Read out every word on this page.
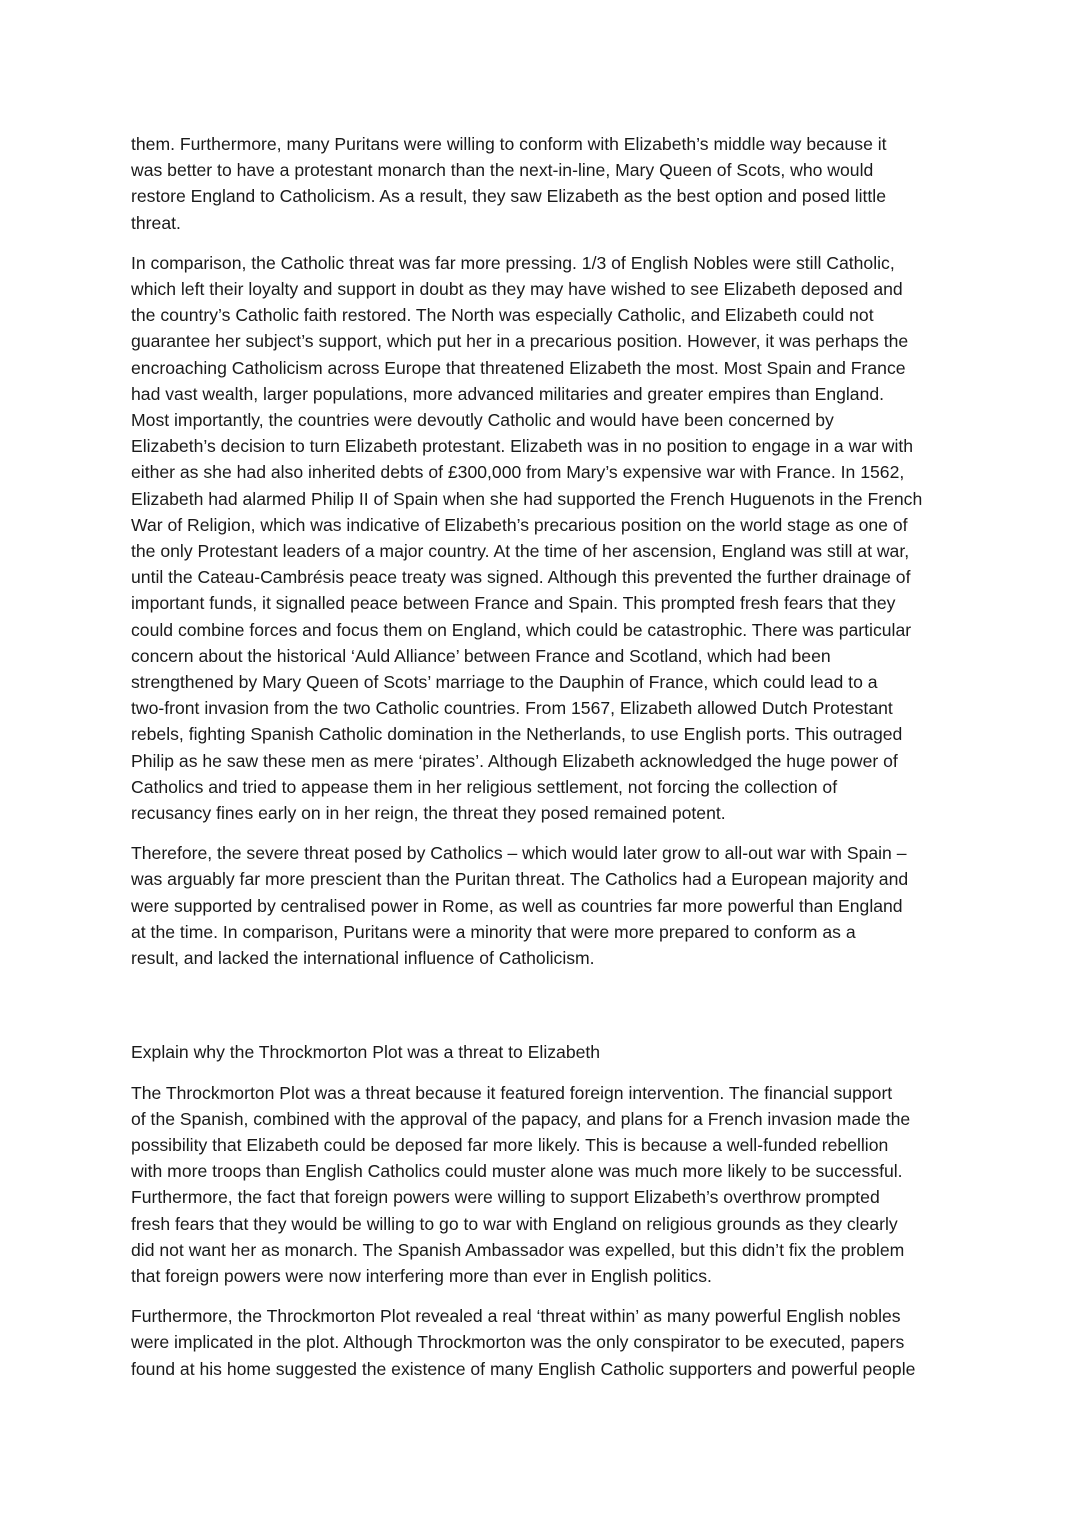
them. Furthermore, many Puritans were willing to conform with Elizabeth’s middle way because it
was better to have a protestant monarch than the next-in-line, Mary Queen of Scots, who would
restore England to Catholicism. As a result, they saw Elizabeth as the best option and posed little
threat.

In comparison, the Catholic threat was far more pressing. 1/3 of English Nobles were still Catholic,
which left their loyalty and support in doubt as they may have wished to see Elizabeth deposed and
the country’s Catholic faith restored. The North was especially Catholic, and Elizabeth could not
guarantee her subject’s support, which put her in a precarious position. However, it was perhaps the
encroaching Catholicism across Europe that threatened Elizabeth the most. Most Spain and France
had vast wealth, larger populations, more advanced militaries and greater empires than England.
Most importantly, the countries were devoutly Catholic and would have been concerned by
Elizabeth’s decision to turn Elizabeth protestant. Elizabeth was in no position to engage in a war with
either as she had also inherited debts of £300,000 from Mary’s expensive war with France. In 1562,
Elizabeth had alarmed Philip II of Spain when she had supported the French Huguenots in the French
War of Religion, which was indicative of Elizabeth’s precarious position on the world stage as one of
the only Protestant leaders of a major country. At the time of her ascension, England was still at war,
until the Cateau-Cambrésis peace treaty was signed. Although this prevented the further drainage of
important funds, it signalled peace between France and Spain. This prompted fresh fears that they
could combine forces and focus them on England, which could be catastrophic. There was particular
concern about the historical ‘Auld Alliance’ between France and Scotland, which had been
strengthened by Mary Queen of Scots’ marriage to the Dauphin of France, which could lead to a
two-front invasion from the two Catholic countries. From 1567, Elizabeth allowed Dutch Protestant
rebels, fighting Spanish Catholic domination in the Netherlands, to use English ports. This outraged
Philip as he saw these men as mere ‘pirates’. Although Elizabeth acknowledged the huge power of
Catholics and tried to appease them in her religious settlement, not forcing the collection of
recusancy fines early on in her reign, the threat they posed remained potent.

Therefore, the severe threat posed by Catholics – which would later grow to all-out war with Spain –
was arguably far more prescient than the Puritan threat. The Catholics had a European majority and
were supported by centralised power in Rome, as well as countries far more powerful than England
at the time. In comparison, Puritans were a minority that were more prepared to conform as a
result, and lacked the international influence of Catholicism.

Explain why the Throckmorton Plot was a threat to Elizabeth

The Throckmorton Plot was a threat because it featured foreign intervention. The financial support
of the Spanish, combined with the approval of the papacy, and plans for a French invasion made the
possibility that Elizabeth could be deposed far more likely. This is because a well-funded rebellion
with more troops than English Catholics could muster alone was much more likely to be successful.
Furthermore, the fact that foreign powers were willing to support Elizabeth’s overthrow prompted
fresh fears that they would be willing to go to war with England on religious grounds as they clearly
did not want her as monarch. The Spanish Ambassador was expelled, but this didn’t fix the problem
that foreign powers were now interfering more than ever in English politics.

Furthermore, the Throckmorton Plot revealed a real ‘threat within’ as many powerful English nobles
were implicated in the plot. Although Throckmorton was the only conspirator to be executed, papers
found at his home suggested the existence of many English Catholic supporters and powerful people
